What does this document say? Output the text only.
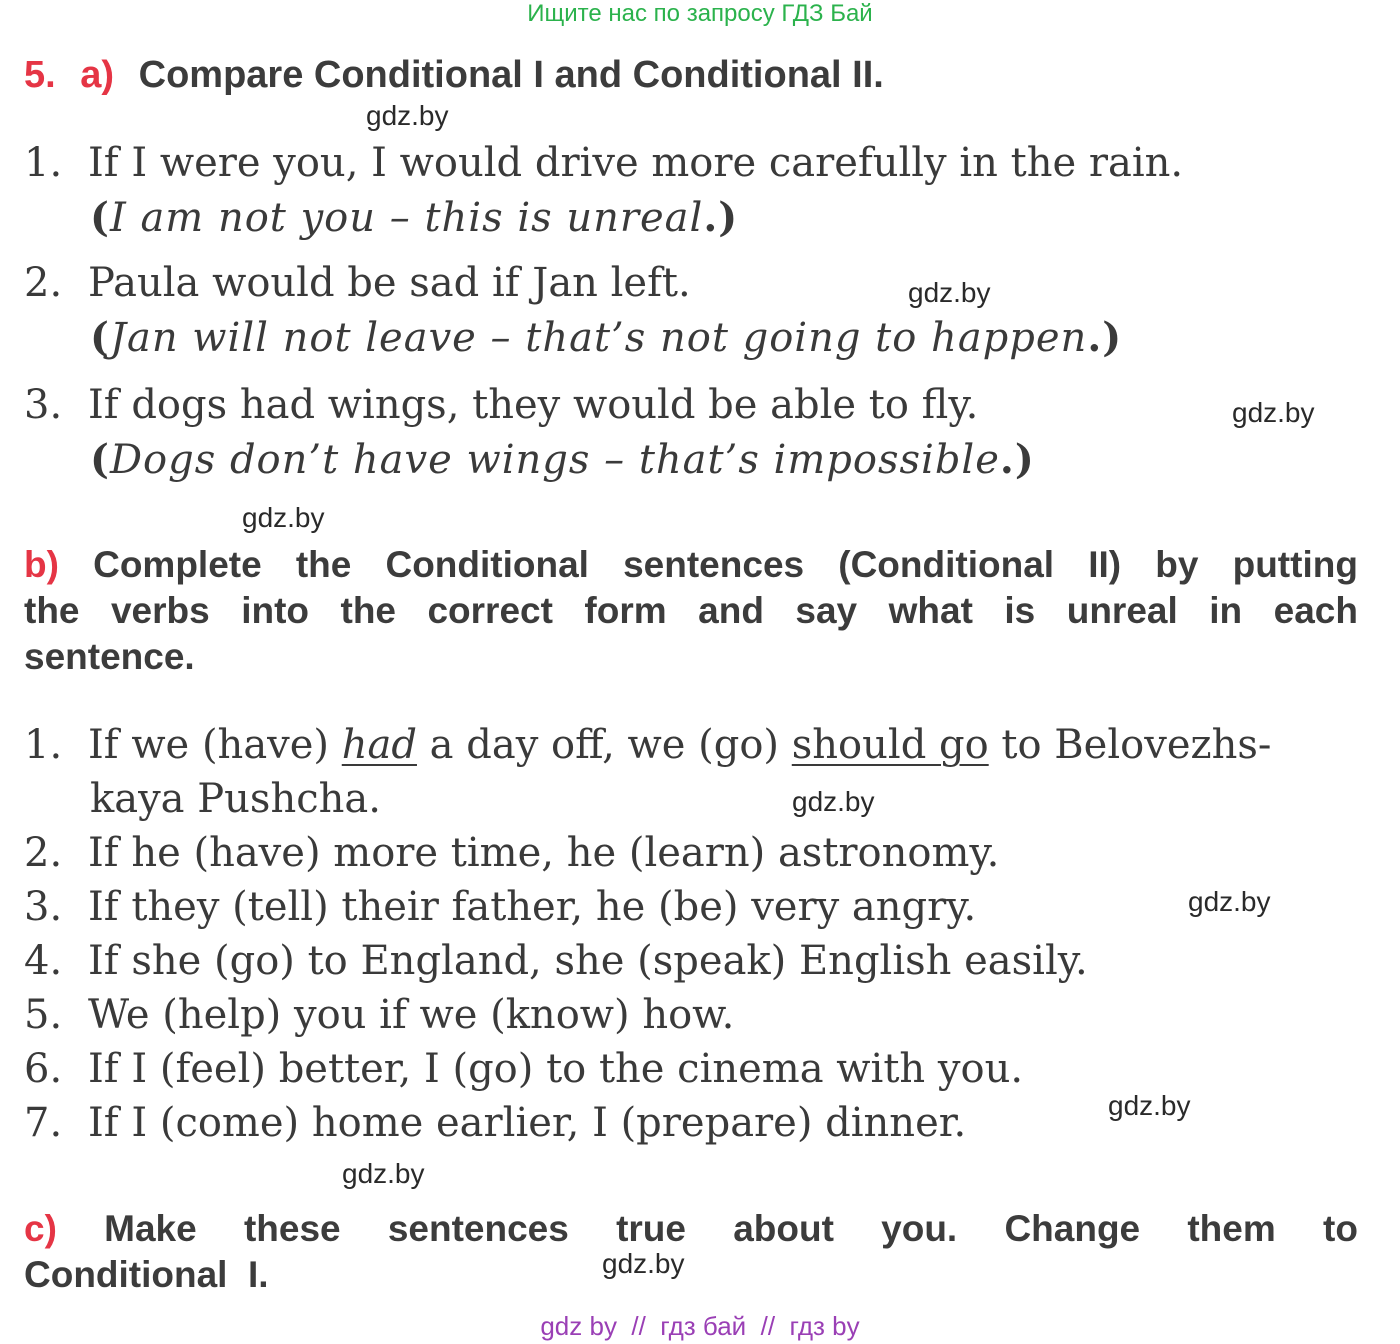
Ищите нас по запросу ГДЗ Бай
5. a) Compare Conditional I and Conditional II.
gdz.by
1. If I were you, I would drive more carefully in the rain.
(I am not you – this is unreal.)
2. Paula would be sad if Jan left.	gdz.by
(Jan will not leave – that’s not going to happen.)
3. If dogs had wings, they would be able to fly.	gdz.by
(Dogs don’t have wings – that’s impossible.)
gdz.by
b) Complete the Conditional sentences (Conditional II) by putting
the verbs into the correct form and say what is unreal in each
sentence.
1. If we (have) had a day off, we (go) should go to Belovezhs-
kaya Pushcha.	gdz.by
2. If he (have) more time, he (learn) astronomy.
3. If they (tell) their father, he (be) very angry.	gdz.by
4. If she (go) to England, she (speak) English easily.
5. We (help) you if we (know) how.
6. If I (feel) better, I (go) to the cinema with you.
gdz.by
7. If I (come) home earlier, I (prepare) dinner.
gdz.by
c) Make these sentences true about you. Change them to
Conditional  I.	gdz.by
gdz by  //  гдз бай  //  гдз by
